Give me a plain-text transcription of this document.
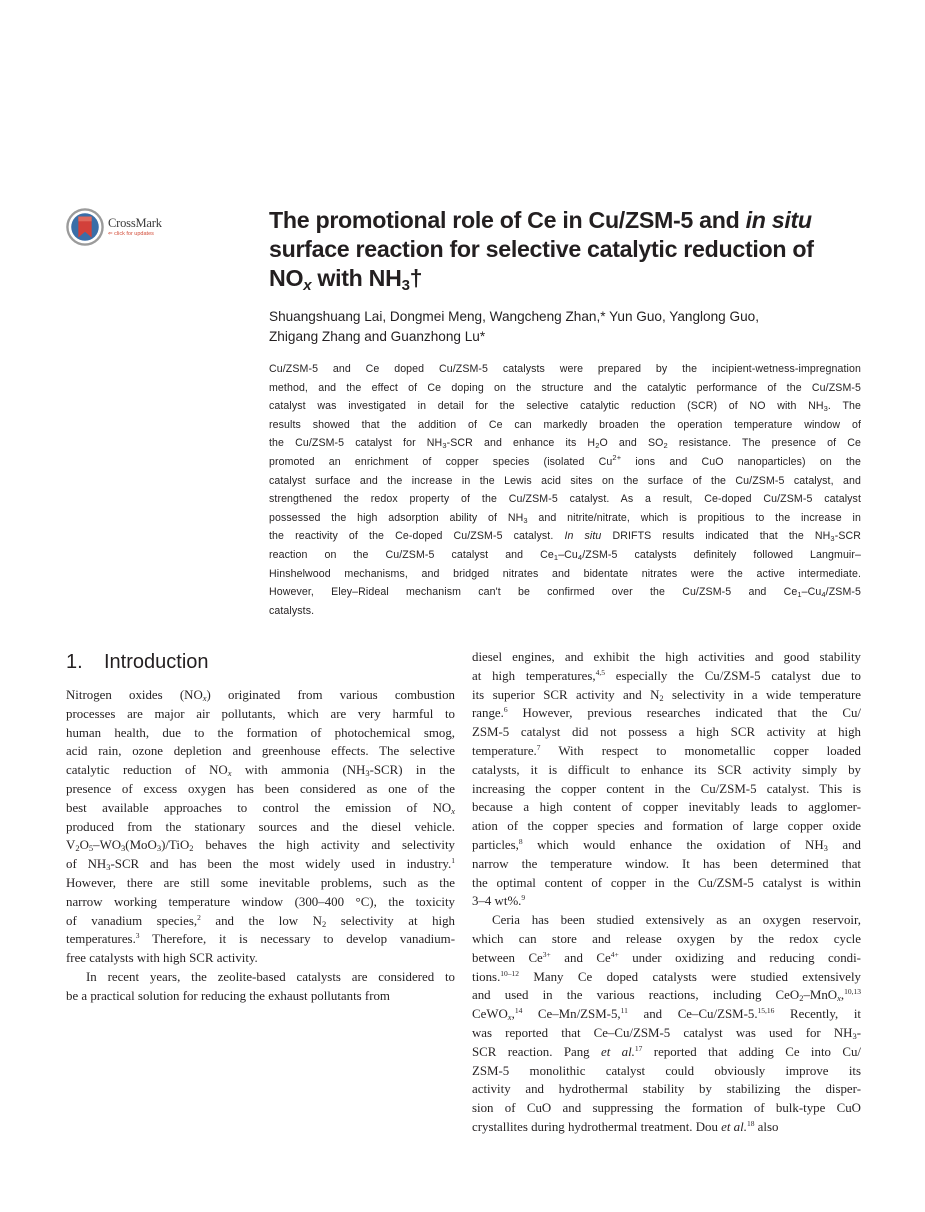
CrossMark
⇐ click for updates
The promotional role of Ce in Cu/ZSM-5 and in situ
surface reaction for selective catalytic reduction of
$NO_x$ with $NH_3\dagger$
Shuangshuang Lai, Dongmei Meng, Wangcheng Zhan,* Yun Guo, Yanglong Guo,
Zhigang Zhang and Guanzhong Lu*
Cu/ZSM-5 and Ce doped Cu/ZSM-5 catalysts were prepared by the incipient-wetness-impregnation
method, and the effect of Ce doping on the structure and the catalytic performance of the Cu/ZSM-5
catalyst was investigated in detail for the selective catalytic reduction (SCR) of NO with $NH_3$. The
results showed that the addition of Ce can markedly broaden the operation temperature window of
the Cu/ZSM-5 catalyst for $NH_3$-SCR and enhance its $H_2O$ and $SO_2$ resistance. The presence of Ce
promoted an enrichment of copper species (isolated $Cu^{2+}$ ions and CuO nanoparticles) on the
catalyst surface and the increase in the Lewis acid sites on the surface of the Cu/ZSM-5 catalyst, and
strengthened the redox property of the Cu/ZSM-5 catalyst. As a result, Ce-doped Cu/ZSM-5 catalyst
possessed the high adsorption ability of $NH_3$ and nitrite/nitrate, which is propitious to the increase in
the reactivity of the Ce-doped Cu/ZSM-5 catalyst. In situ DRIFTS results indicated that the $NH_3$-SCR
reaction on the Cu/ZSM-5 catalyst and $Ce_1-Cu_4/ZSM-5$ catalysts definitely followed Langmuir–
Hinshelwood mechanisms, and bridged nitrates and bidentate nitrates were the active intermediate.
However, Eley–Rideal mechanism can't be confirmed over the Cu/ZSM-5 and $Ce_1-Cu_4/ZSM-5$
catalysts.
1. Introduction
Nitrogen oxides $(NO_x)$ originated from various combustion
processes are major air pollutants, which are very harmful to
human health, due to the formation of photochemical smog,
acid rain, ozone depletion and greenhouse effects. The selective
catalytic reduction of $NO_x$ with ammonia $(NH_3-SCR)$ in the
presence of excess oxygen has been considered as one of the
best available approaches to control the emission of $NO_x$
produced from the stationary sources and the diesel vehicle.
$V_2O_5-WO_3(MoO_3)/TiO_2$ behaves the high activity and selectivity
of $NH_3$-SCR and has been the most widely used in industry.$^1$
However, there are still some inevitable problems, such as the
narrow working temperature window (300–400 °C), the toxicity
of vanadium species,$^2$ and the low $N_2$ selectivity at high
temperatures.$^3$ Therefore, it is necessary to develop vanadium-
free catalysts with high SCR activity.
In recent years, the zeolite-based catalysts are considered to
be a practical solution for reducing the exhaust pollutants from
diesel engines, and exhibit the high activities and good stability
at high temperatures,$^{4,5}$ especially the Cu/ZSM-5 catalyst due to
its superior SCR activity and $N_2$ selectivity in a wide temperature
range.$^6$ However, previous researches indicated that the Cu/
ZSM-5 catalyst did not possess a high SCR activity at high
temperature.$^7$ With respect to monometallic copper loaded
catalysts, it is difficult to enhance its SCR activity simply by
increasing the copper content in the Cu/ZSM-5 catalyst. This is
because a high content of copper inevitably leads to agglomer-
ation of the copper species and formation of large copper oxide
particles,$^8$ which would enhance the oxidation of $NH_3$ and
narrow the temperature window. It has been determined that
the optimal content of copper in the Cu/ZSM-5 catalyst is within
3–4 wt%.$^9$
Ceria has been studied extensively as an oxygen reservoir,
which can store and release oxygen by the redox cycle
between $Ce^{3+}$ and $Ce^{4+}$ under oxidizing and reducing condi-
tions.$^{10-12}$ Many Ce doped catalysts were studied extensively
and used in the various reactions, including CeO$_2$–MnO$_x$,$^{10,13}$
CeWO$_x$,$^{14}$ Ce–Mn/ZSM-5,11 and Ce–Cu/ZSM-5.$^{15,16}$ Recently, it
was reported that Ce–Cu/ZSM-5 catalyst was used for $NH_3-$
SCR reaction. Pang et al.$^{17}$ reported that adding Ce into Cu/
ZSM-5 monolithic catalyst could obviously improve its
activity and hydrothermal stability by stabilizing the disper-
sion of CuO and suppressing the formation of bulk-type CuO
crystallites during hydrothermal treatment. Dou et al.$^{18}$ also
